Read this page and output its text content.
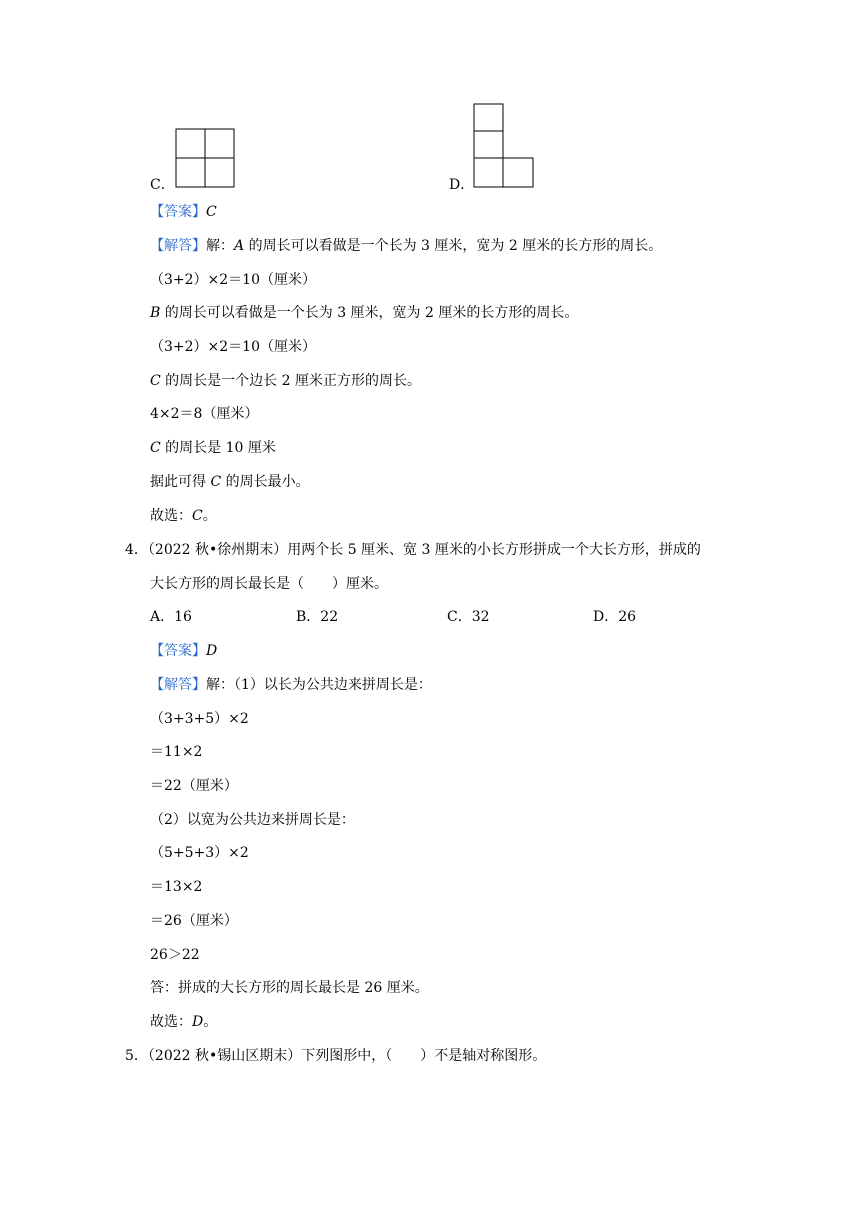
C．	D．
【答案】C
【解答】解：A 的周长可以看做是一个长为 3 厘米，宽为 2 厘米的长方形的周长。
（3+2）×2＝10（厘米）
B 的周长可以看做是一个长为 3 厘米，宽为 2 厘米的长方形的周长。
（3+2）×2＝10（厘米）
C 的周长是一个边长 2 厘米正方形的周长。
4×2＝8（厘米）
C 的周长是 10 厘米
据此可得 C 的周长最小。
故选：C。
4．（2022 秋•徐州期末）用两个长 5 厘米、宽 3 厘米的小长方形拼成一个大长方形，拼成的
大长方形的周长最长是（　　）厘米。
A．16	B．22	C．32	D．26
【答案】D
【解答】解：（1）以长为公共边来拼周长是：
（3+3+5）×2
＝11×2
＝22（厘米）
（2）以宽为公共边来拼周长是：
（5+5+3）×2
＝13×2
＝26（厘米）
26＞22
答：拼成的大长方形的周长最长是 26 厘米。
故选：D。
5．（2022 秋•锡山区期末）下列图形中，（　　）不是轴对称图形。
